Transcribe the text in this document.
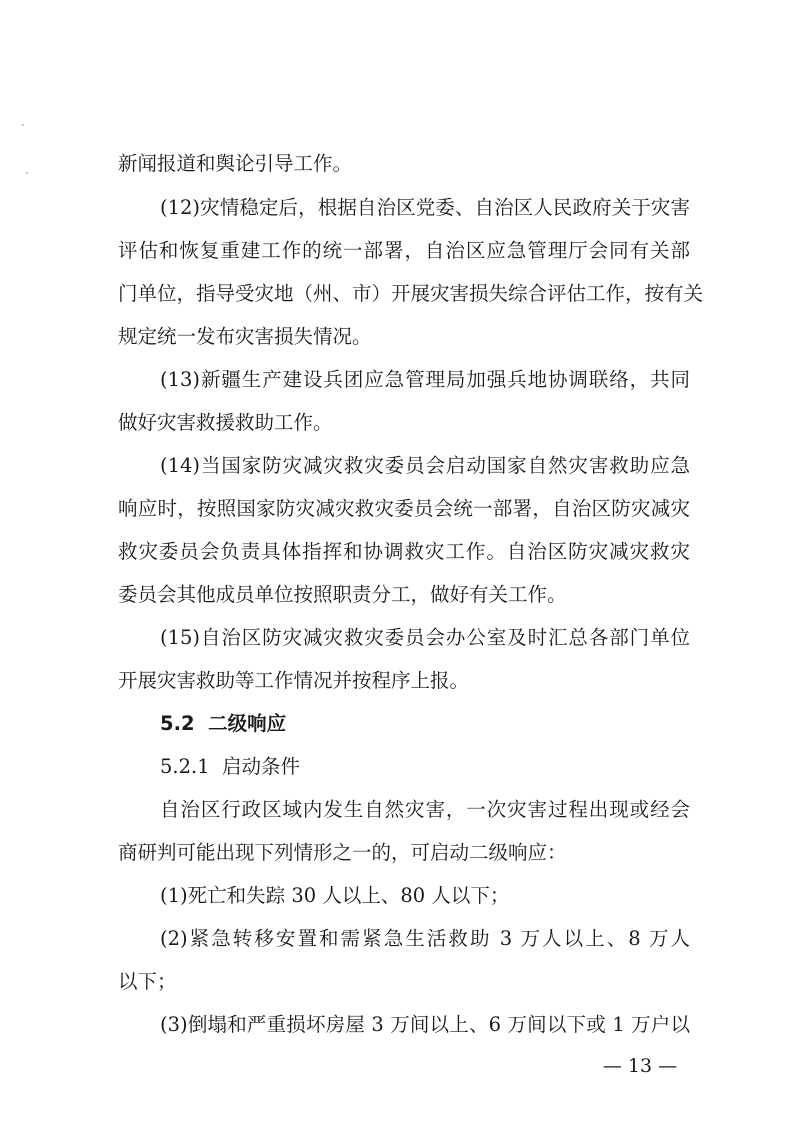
新闻报道和舆论引导工作。
(12)灾情稳定后，根据自治区党委、自治区人民政府关于灾害
评估和恢复重建工作的统一部署，自治区应急管理厅会同有关部
门单位，指导受灾地（州、市）开展灾害损失综合评估工作，按有关
规定统一发布灾害损失情况。
(13)新疆生产建设兵团应急管理局加强兵地协调联络，共同
做好灾害救援救助工作。
(14)当国家防灾减灾救灾委员会启动国家自然灾害救助应急
响应时，按照国家防灾减灾救灾委员会统一部署，自治区防灾减灾
救灾委员会负责具体指挥和协调救灾工作。自治区防灾减灾救灾
委员会其他成员单位按照职责分工，做好有关工作。
(15)自治区防灾减灾救灾委员会办公室及时汇总各部门单位
开展灾害救助等工作情况并按程序上报。
5.2  二级响应
5.2.1  启动条件
自治区行政区域内发生自然灾害，一次灾害过程出现或经会
商研判可能出现下列情形之一的，可启动二级响应：
(1)死亡和失踪 30 人以上、80 人以下；
(2)紧急转移安置和需紧急生活救助 3 万人以上、8 万人
以下；
(3)倒塌和严重损坏房屋 3 万间以上、6 万间以下或 1 万户以
— 13 —
